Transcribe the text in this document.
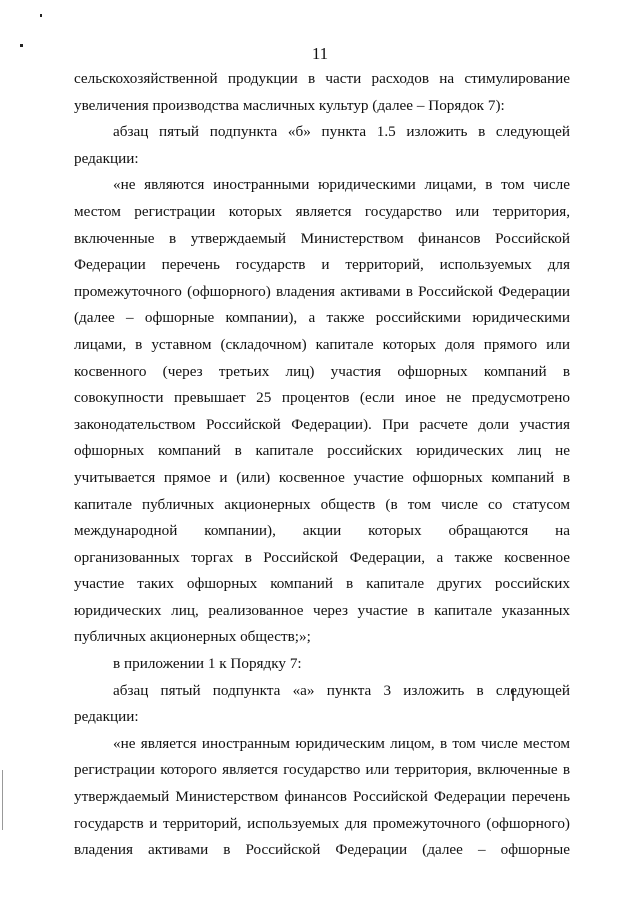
11
сельскохозяйственной продукции в части расходов на стимулирование
увеличения производства масличных культур (далее – Порядок 7):
абзац пятый подпункта «б» пункта 1.5 изложить в следующей
редакции:
«не являются иностранными юридическими лицами, в том числе
местом регистрации которых является государство или территория,
включенные в утверждаемый Министерством финансов Российской
Федерации перечень государств и территорий, используемых для
промежуточного (офшорного) владения активами в Российской Федерации
(далее – офшорные компании), а также российскими юридическими
лицами, в уставном (складочном) капитале которых доля прямого или
косвенного (через третьих лиц) участия офшорных компаний в
совокупности превышает 25 процентов (если иное не предусмотрено
законодательством Российской Федерации). При расчете доли участия
офшорных компаний в капитале российских юридических лиц не
учитывается прямое и (или) косвенное участие офшорных компаний в
капитале публичных акционерных обществ (в том числе со статусом
международной компании), акции которых обращаются на
организованных торгах в Российской Федерации, а также косвенное
участие таких офшорных компаний в капитале других российских
юридических лиц, реализованное через участие в капитале указанных
публичных акционерных обществ;»;
в приложении 1 к Порядку 7:
абзац пятый подпункта «а» пункта 3 изложить в следующей
редакции:
«не является иностранным юридическим лицом, в том числе местом
регистрации которого является государство или территория, включенные в
утверждаемый Министерством финансов Российской Федерации перечень
государств и территорий, используемых для промежуточного (офшорного)
владения активами в Российской Федерации (далее – офшорные
